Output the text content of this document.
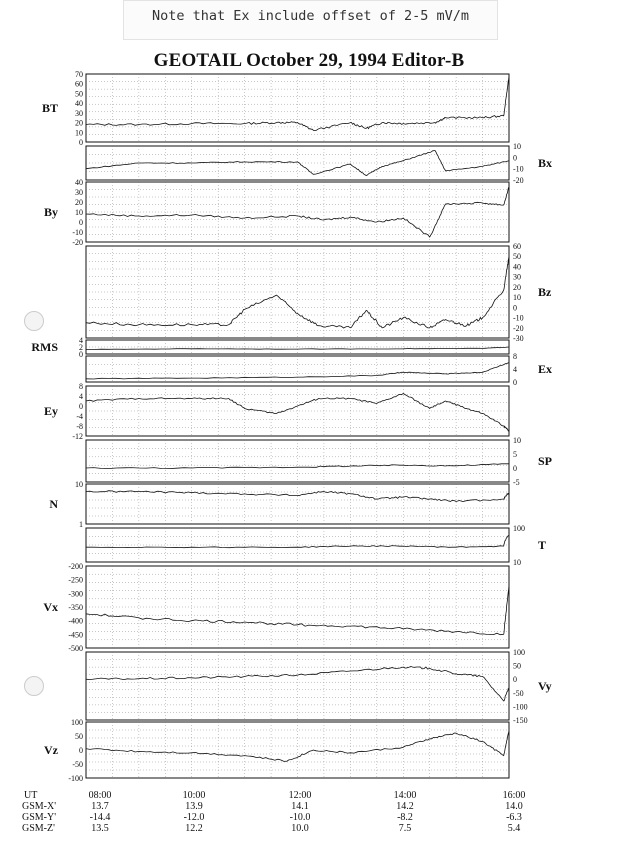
Note that Ex include offset of 2-5 mV/m
GEOTAIL October 29, 1994 Editor-B
70
60
50
40
30
20
10
0
BT
10
0
-10
-20
Bx
40
30
20
10
0
-10
-20
By
60
50
40
30
20
10
0
-10
-20
-30
Bz
4
2
0
RMS
8
4
0
Ex
8
4
0
-4
-8
-12
Ey
10
5
0
-5
SP
10
1
N
100
10
T
-200
-250
-300
-350
-400
-450
-500
Vx
100
50
0
-50
-100
-150
Vy
100
50
0
-50
-100
Vz
UT	08:00	10:00	12:00	14:00	16:00
GSM-X'	13.7	13.9	14.1	14.2	14.0
GSM-Y'	-14.4	-12.0	-10.0	-8.2	-6.3
GSM-Z'	13.5	12.2	10.0	7.5	5.4
